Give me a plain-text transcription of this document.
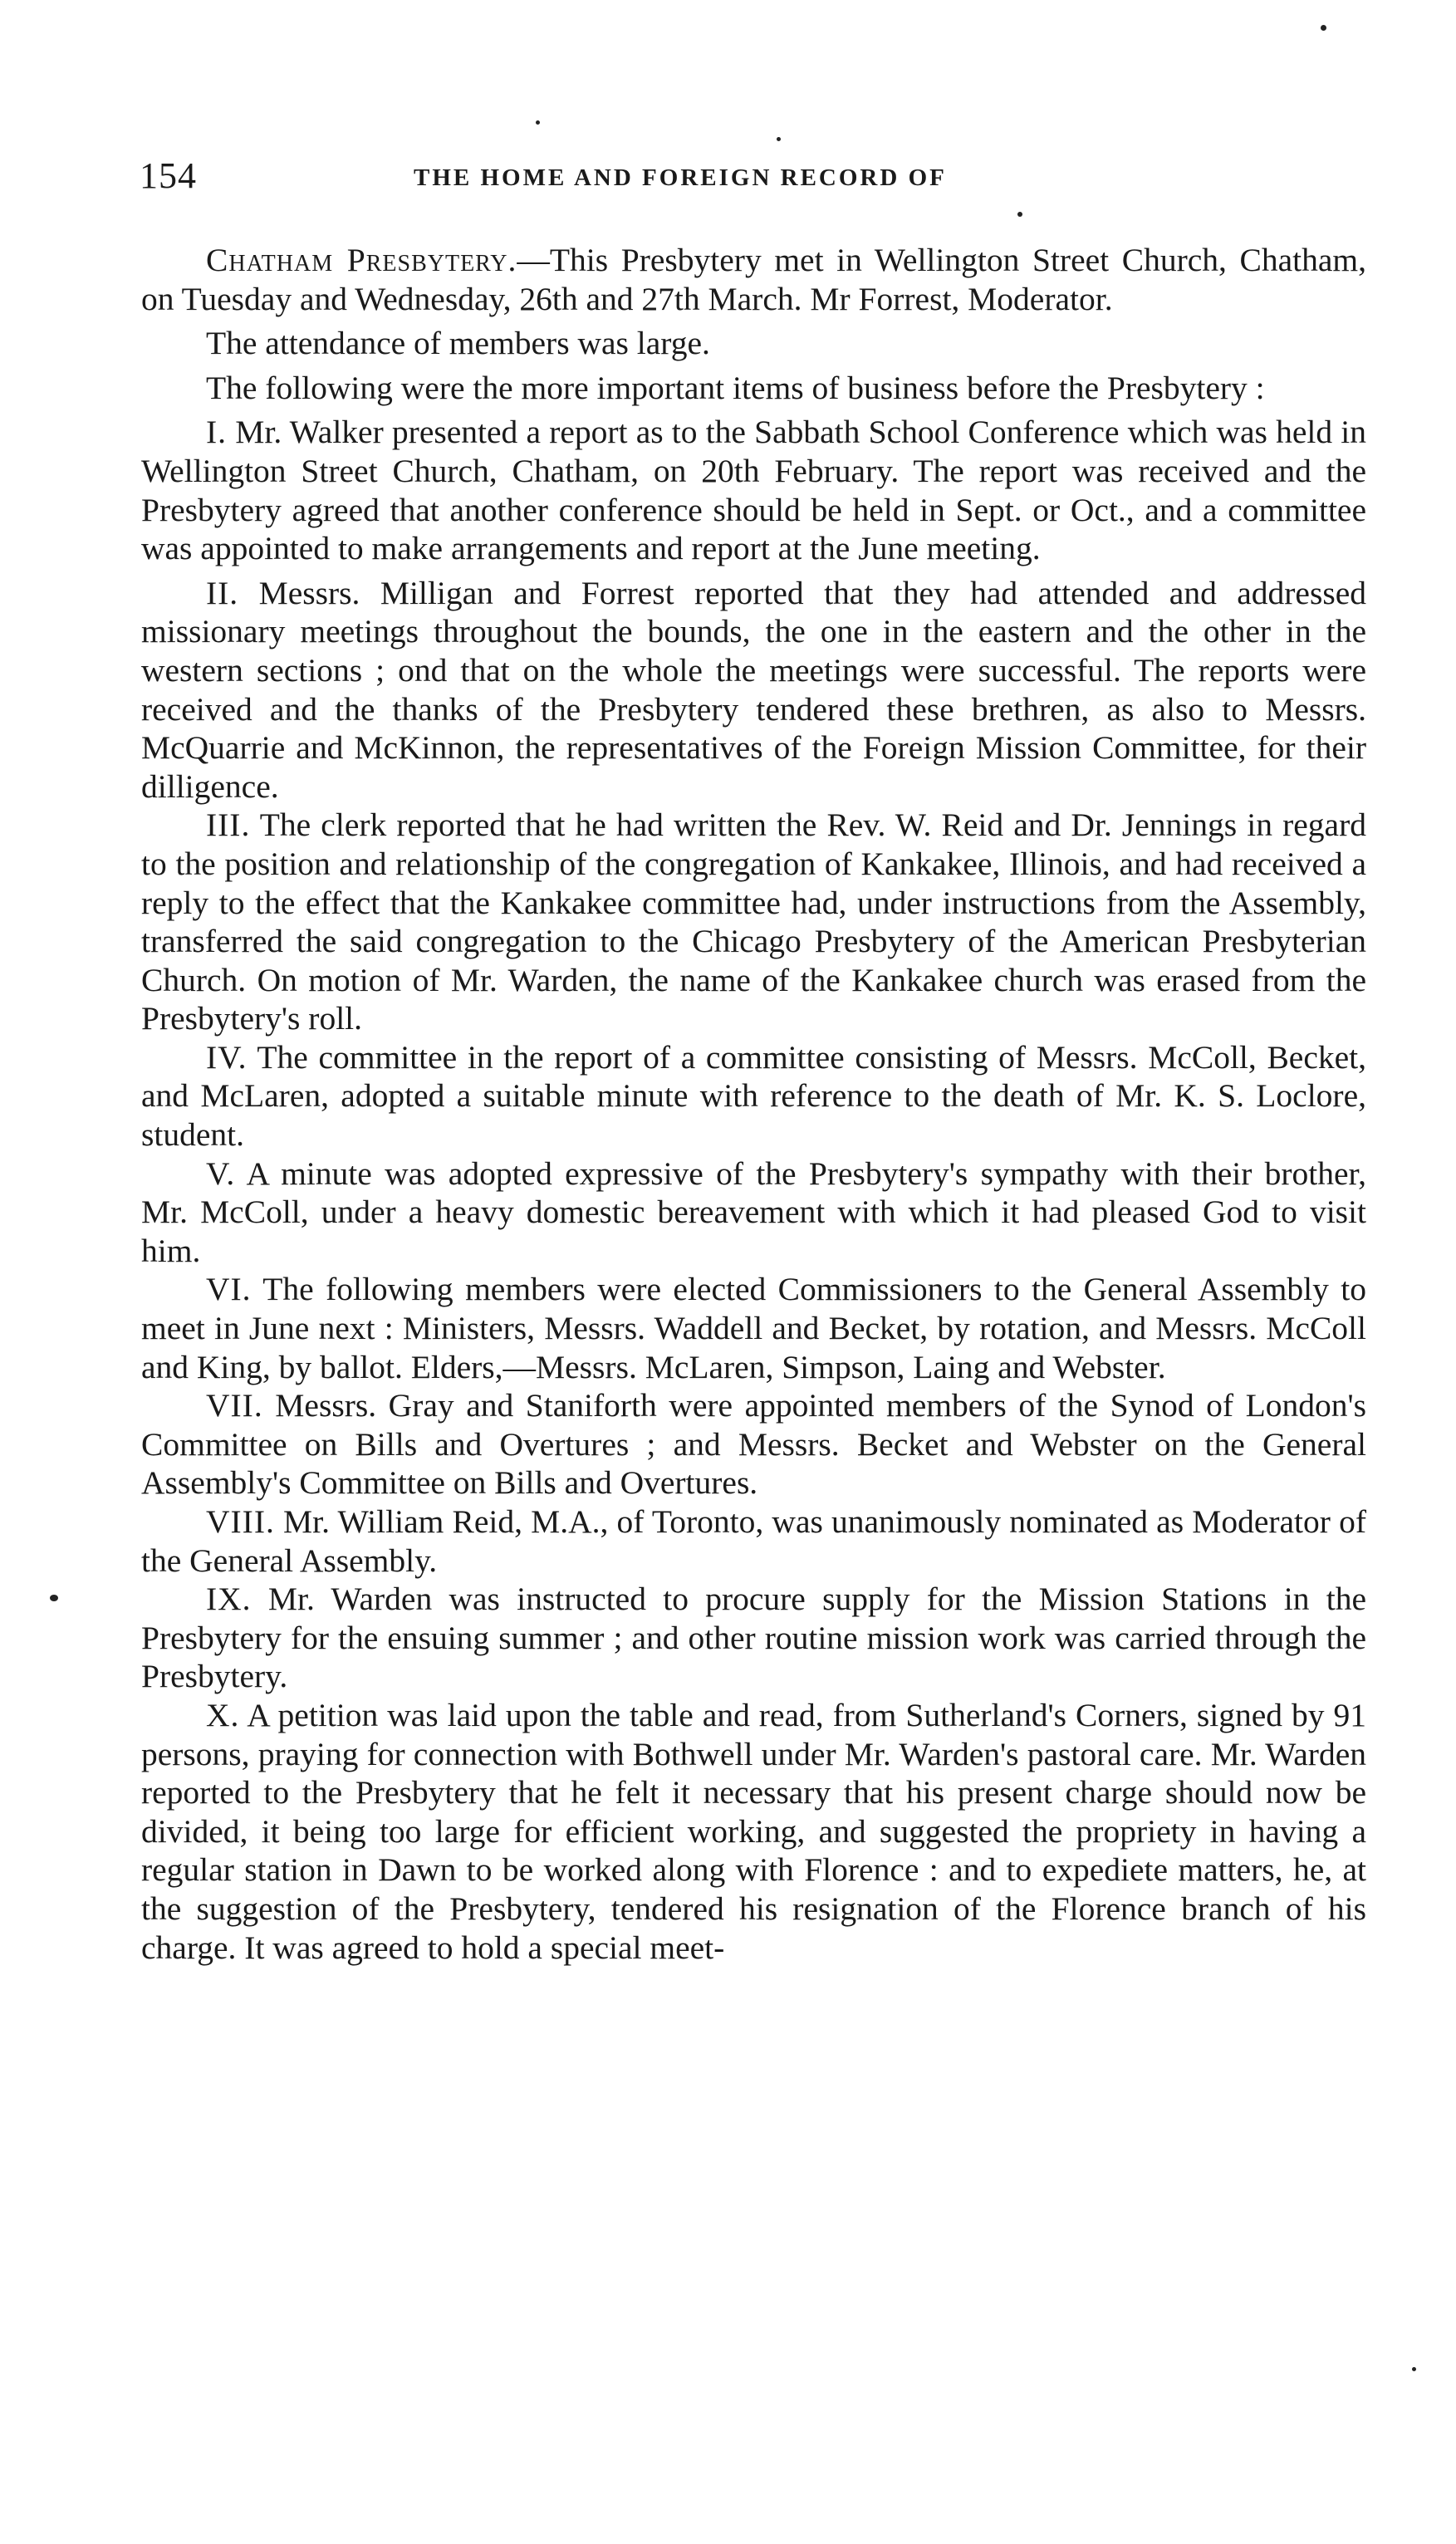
154	THE HOME AND FOREIGN RECORD OF

Chatham Presbytery.—This Presbytery met in Wellington Street Church, Chatham, on Tuesday and Wednesday, 26th and 27th March. Mr Forrest, Moderator.

The attendance of members was large.

The following were the more important items of business before the Presbytery :

I. Mr. Walker presented a report as to the Sabbath School Conference which was held in Wellington Street Church, Chatham, on 20th February. The report was received and the Presbytery agreed that another conference should be held in Sept. or Oct., and a committee was appointed to make arrangements and report at the June meeting.

II. Messrs. Milligan and Forrest reported that they had attended and addressed missionary meetings throughout the bounds, the one in the eastern and the other in the western sections ; ond that on the whole the meetings were successful. The reports were received and the thanks of the Presbytery tendered these brethren, as also to Messrs. McQuarrie and McKinnon, the representatives of the Foreign Mission Committee, for their dilligence.

III. The clerk reported that he had written the Rev. W. Reid and Dr. Jennings in regard to the position and relationship of the congregation of Kankakee, Illinois, and had received a reply to the effect that the Kankakee committee had, under instructions from the Assembly, transferred the said congregation to the Chicago Presbytery of the American Presbyterian Church. On motion of Mr. Warden, the name of the Kankakee church was erased from the Presbytery's roll.

IV. The committee in the report of a committee consisting of Messrs. McColl, Becket, and McLaren, adopted a suitable minute with reference to the death of Mr. K. S. Loclore, student.

V. A minute was adopted expressive of the Presbytery's sympathy with their brother, Mr. McColl, under a heavy domestic bereavement with which it had pleased God to visit him.

VI. The following members were elected Commissioners to the General Assembly to meet in June next : Ministers, Messrs. Waddell and Becket, by rotation, and Messrs. McColl and King, by ballot. Elders,—Messrs. McLaren, Simpson, Laing and Webster.

VII. Messrs. Gray and Staniforth were appointed members of the Synod of London's Committee on Bills and Overtures ; and Messrs. Becket and Webster on the General Assembly's Committee on Bills and Overtures.

VIII. Mr. William Reid, M.A., of Toronto, was unanimously nominated as Moderator of the General Assembly.

IX. Mr. Warden was instructed to procure supply for the Mission Stations in the Presbytery for the ensuing summer ; and other routine mission work was carried through the Presbytery.

X. A petition was laid upon the table and read, from Sutherland's Corners, signed by 91 persons, praying for connection with Bothwell under Mr. Warden's pastoral care. Mr. Warden reported to the Presbytery that he felt it necessary that his present charge should now be divided, it being too large for efficient working, and suggested the propriety in having a regular station in Dawn to be worked along with Florence : and to expediete matters, he, at the suggestion of the Presbytery, tendered his resignation of the Florence branch of his charge. It was agreed to hold a special meet-
